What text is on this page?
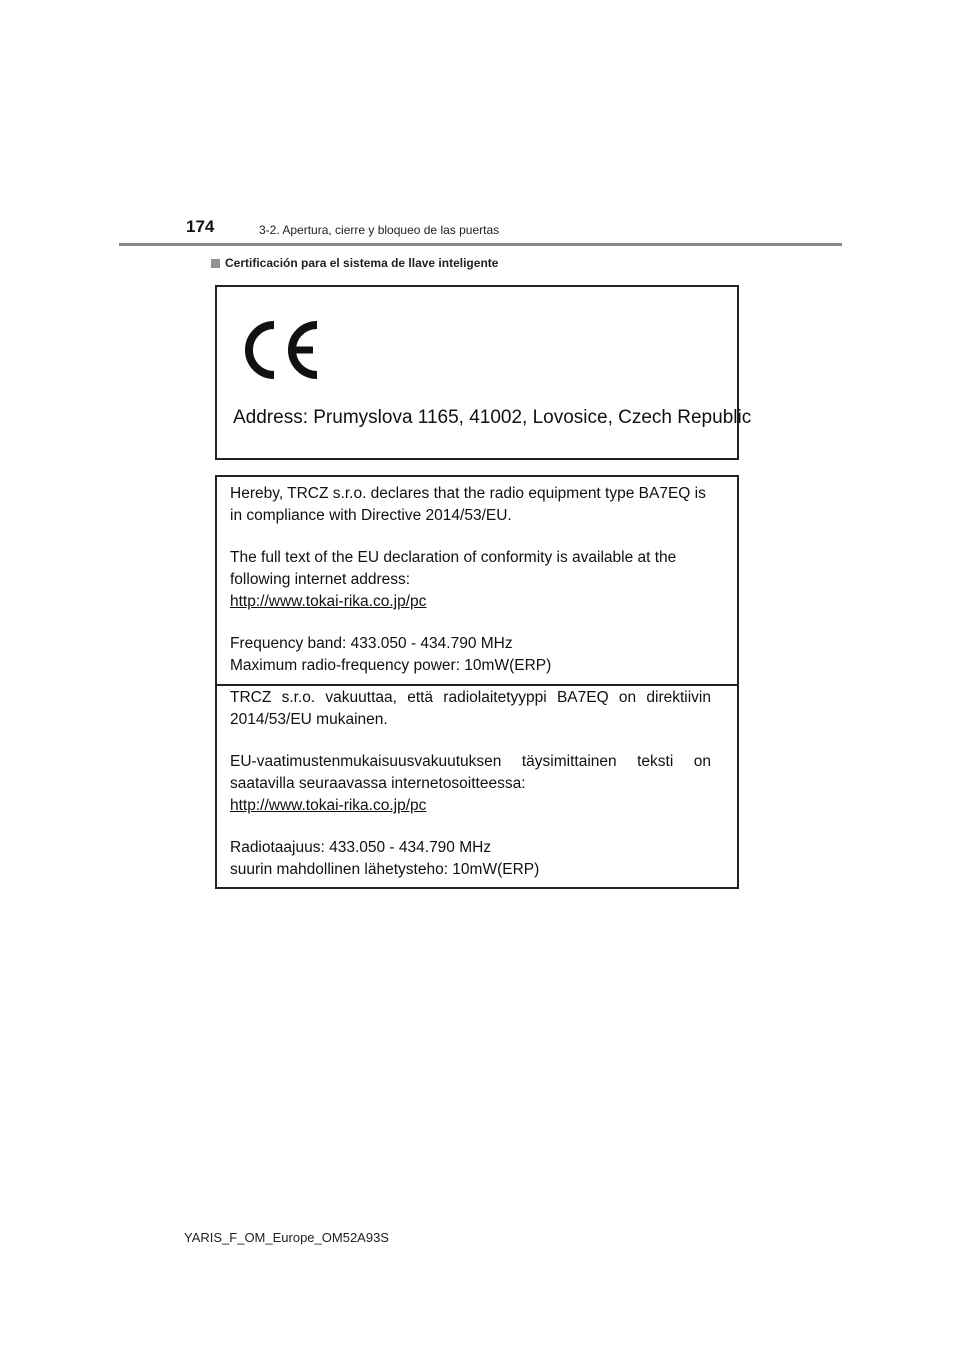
174	3-2. Apertura, cierre y bloqueo de las puertas
Certificación para el sistema de llave inteligente
Address: Prumyslova 1165, 41002, Lovosice, Czech Republic

Hereby, TRCZ s.r.o. declares that the radio equipment type BA7EQ is in compliance with Directive 2014/53/EU.

The full text of the EU declaration of conformity is available at the

following internet address:

http://www.tokai-rika.co.jp/pc

Frequency band: 433.050 - 434.790 MHz

Maximum radio-frequency power: 10mW(ERP)

TRCZ s.r.o. vakuuttaa, että radiolaitetyyppi BA7EQ on direktiivin

2014/53/EU mukainen.

EU-vaatimustenmukaisuusvakuutuksen täysimittainen teksti on

saatavilla seuraavassa internetosoitteessa:

http://www.tokai-rika.co.jp/pc

Radiotaajuus: 433.050 - 434.790 MHz

suurin mahdollinen lähetysteho: 10mW(ERP)

YARIS_F_OM_Europe_OM52A93S
